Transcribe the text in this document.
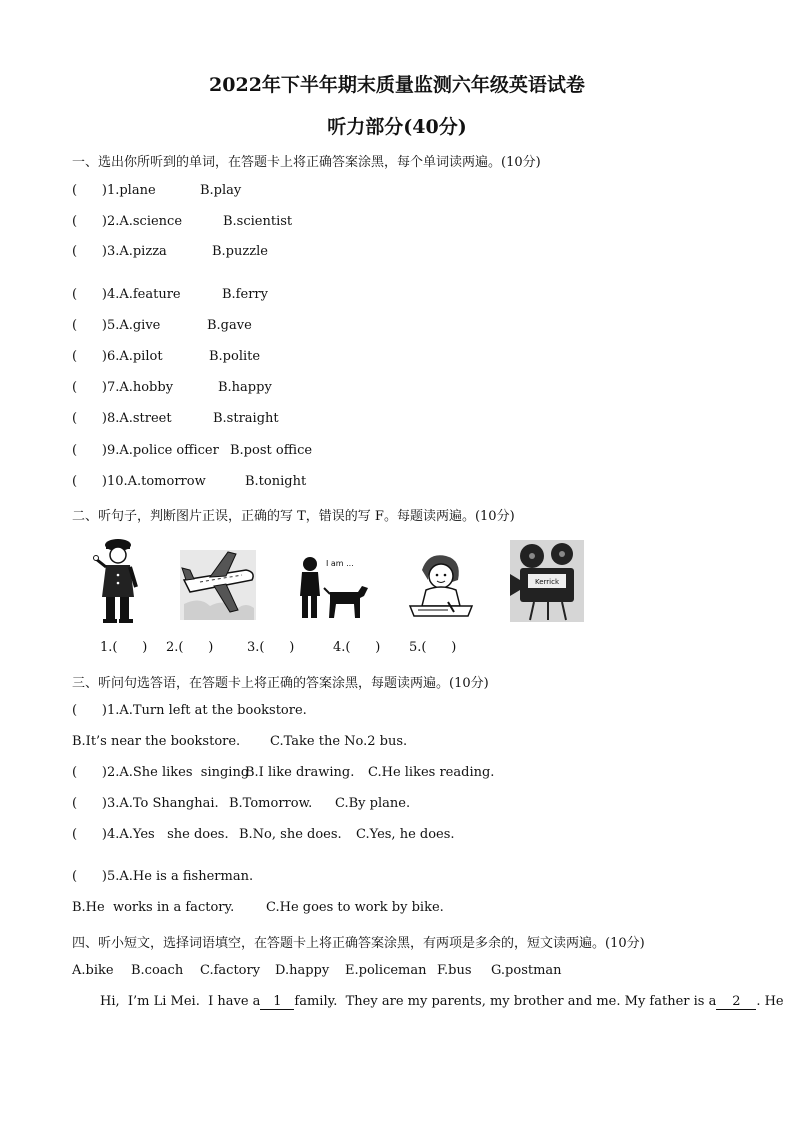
2022年下半年期末质量监测六年级英语试卷
听力部分(40分)
一、选出你所听到的单词，在答题卡上将正确答案涂黑，每个单词读两遍。(10分)
(      )1.plane	B.play
(      )2.A.science	B.scientist
(      )3.A.pizza	B.puzzle
(      )4.A.feature	B.ferry
(      )5.A.give	B.gave
(      )6.A.pilot	B.polite
(      )7.A.hobby	B.happy
(      )8.A.street	B.straight
(      )9.A.police officer B.post office
(      )10.A.tomorrow	B.tonight
二、听句子，判断图片正误，正确的写 T，错误的写 F。每题读两遍。(10分)
I am ...
Kerrick
1.(      ) 2.(      )	3.(      )	4.(      ) 5.(      )
三、听问句选答语，在答题卡上将正确的答案涂黑，每题读两遍。(10分)
(      )1.A.Turn left at the bookstore.
B.It’s near the bookstore. C.Take the No.2 bus.
(      )2.A.She likes  singing
B.I like drawing. C.He likes reading.
(      )3.A.To Shanghai. B.Tomorrow. C.By plane.
(      )4.A.Yes   she does. B.No, she does. C.Yes, he does.
(      )5.A.He is a fisherman.
B.He  works in a factory. C.He goes to work by bike.
四、听小短文，选择词语填空，在答题卡上将正确答案涂黑，有两项是多余的，短文读两遍。(10分)
A.bike B.coach C.factory D.happy E.policeman F.bus G.postman
Hi,  I’m Li Mei.  I have a 1 family.  They are my parents, my brother and me. My father is a 2 . He
